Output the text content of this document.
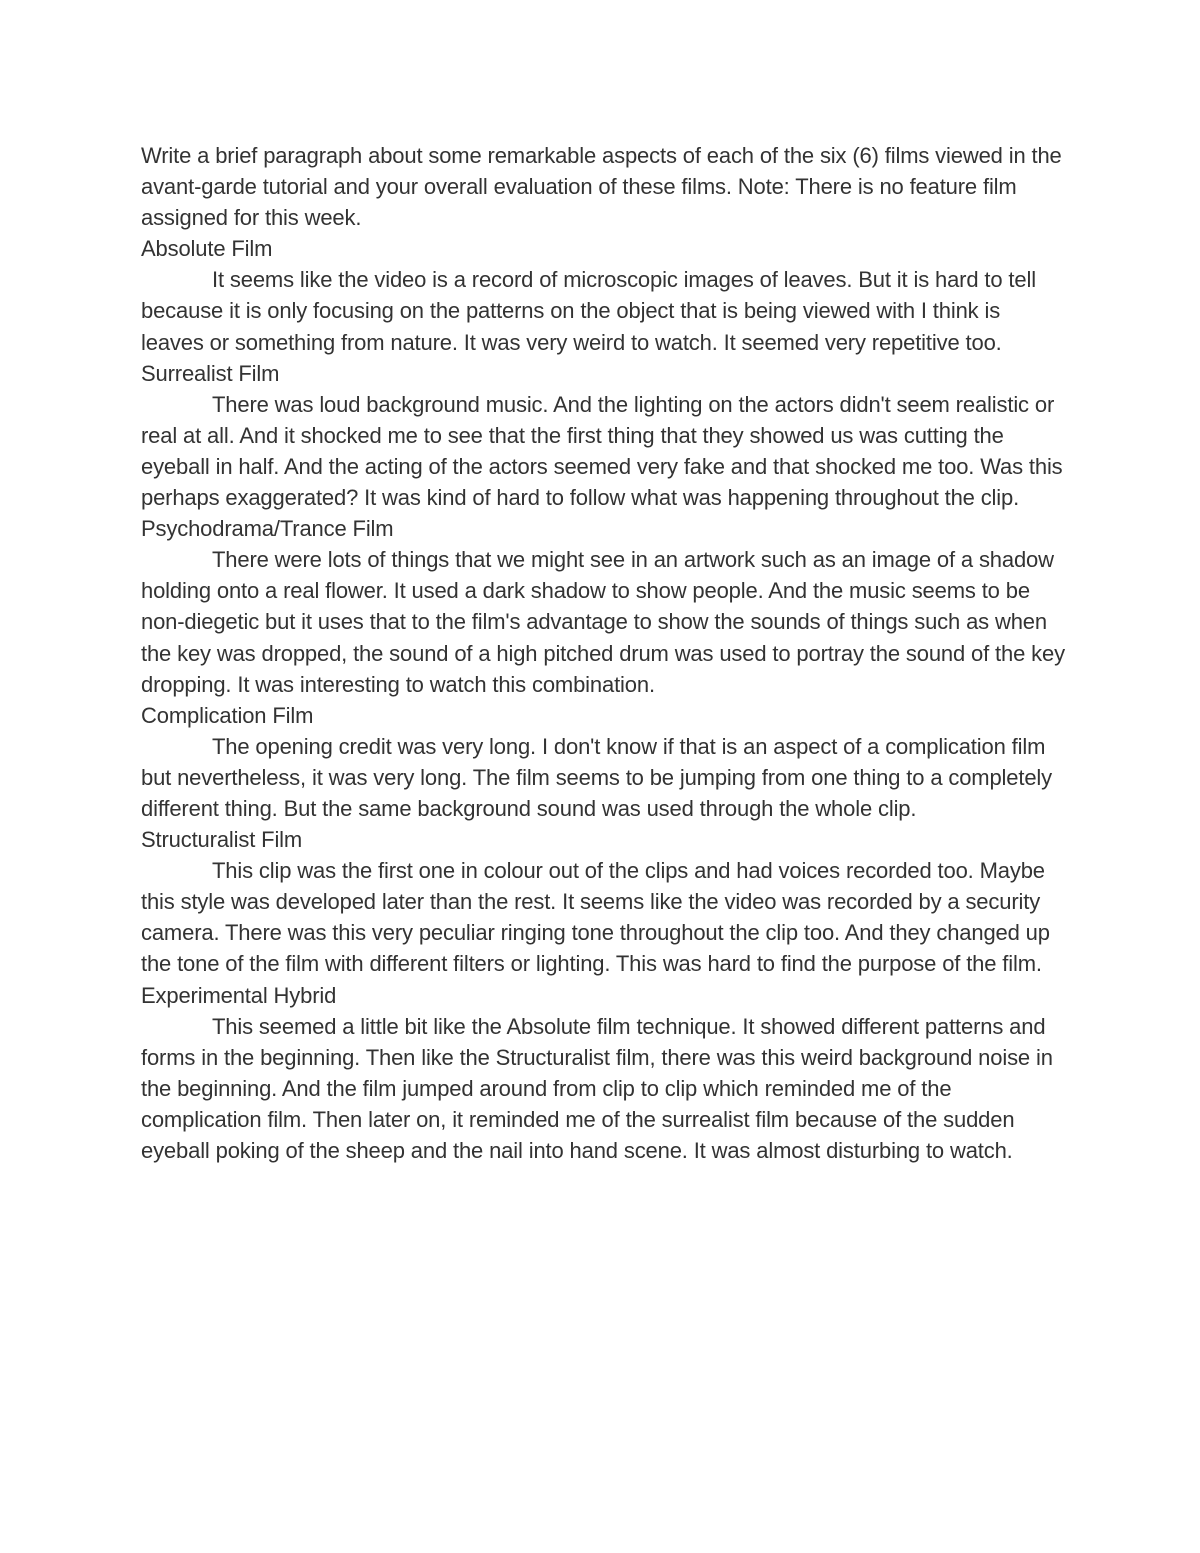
Write a brief paragraph about some remarkable aspects of each of the six (6) films viewed in the avant-garde tutorial and your overall evaluation of these films. Note: There is no feature film assigned for this week.

Absolute Film

It seems like the video is a record of microscopic images of leaves. But it is hard to tell because it is only focusing on the patterns on the object that is being viewed with I think is leaves or something from nature. It was very weird to watch. It seemed very repetitive too.

Surrealist Film

There was loud background music. And the lighting on the actors didn't seem realistic or real at all. And it shocked me to see that the first thing that they showed us was cutting the eyeball in half. And the acting of the actors seemed very fake and that shocked me too. Was this perhaps exaggerated? It was kind of hard to follow what was happening throughout the clip.

Psychodrama/Trance Film

There were lots of things that we might see in an artwork such as an image of a shadow holding onto a real flower. It used a dark shadow to show people. And the music seems to be non-diegetic but it uses that to the film's advantage to show the sounds of things such as when the key was dropped, the sound of a high pitched drum was used to portray the sound of the key dropping. It was interesting to watch this combination.

Complication Film

The opening credit was very long. I don't know if that is an aspect of a complication film but nevertheless, it was very long. The film seems to be jumping from one thing to a completely different thing. But the same background sound was used through the whole clip.

Structuralist Film

This clip was the first one in colour out of the clips and had voices recorded too. Maybe this style was developed later than the rest. It seems like the video was recorded by a security camera. There was this very peculiar ringing tone throughout the clip too. And they changed up the tone of the film with different filters or lighting. This was hard to find the purpose of the film.

Experimental Hybrid

This seemed a little bit like the Absolute film technique. It showed different patterns and forms in the beginning. Then like the Structuralist film, there was this weird background noise in the beginning. And the film jumped around from clip to clip which reminded me of the complication film. Then later on, it reminded me of the surrealist film because of the sudden eyeball poking of the sheep and the nail into hand scene. It was almost disturbing to watch.
